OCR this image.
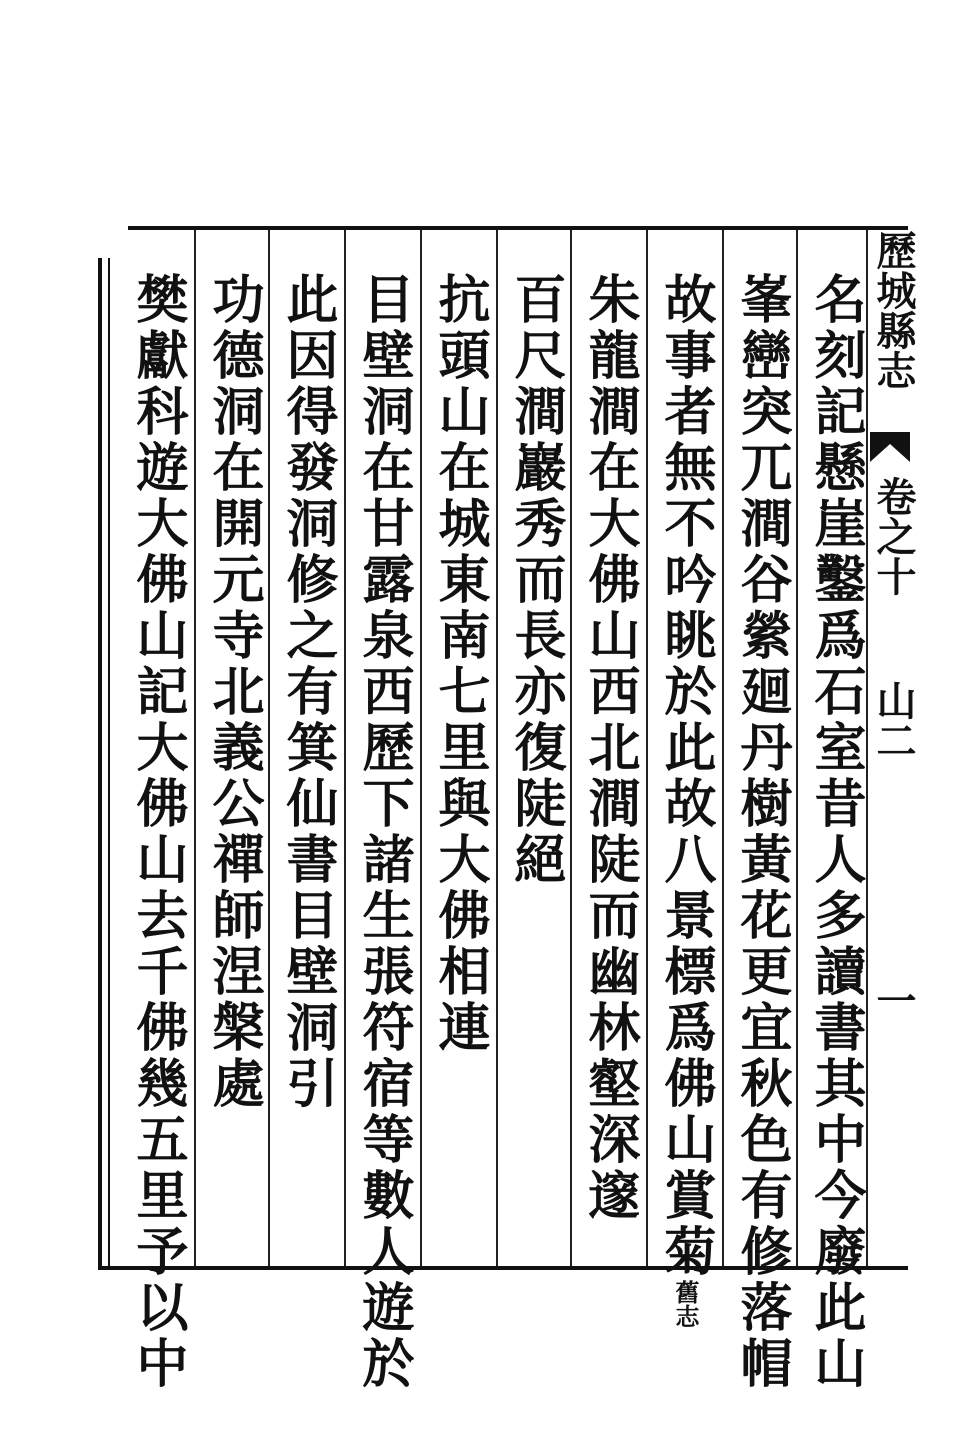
歷城縣志
卷之十
山二
一
名刻記懸崖鑿爲石室昔人多讀書其中今廢此山
峯巒突兀澗谷縈廻丹樹黃花更宜秋色有修落帽
故事者無不吟眺於此故八景標爲佛山賞菊舊志
朱龍澗在大佛山西北澗陡而幽林壑深邃
百尺澗巖秀而長亦復陡絕
抗頭山在城東南七里與大佛相連
目壁洞在甘露泉西歷下諸生張符宿等數人遊於
此因得發洞修之有箕仙書目壁洞引
功德洞在開元寺北義公禪師涅槃處
樊獻科遊大佛山記大佛山去千佛幾五里予以中
